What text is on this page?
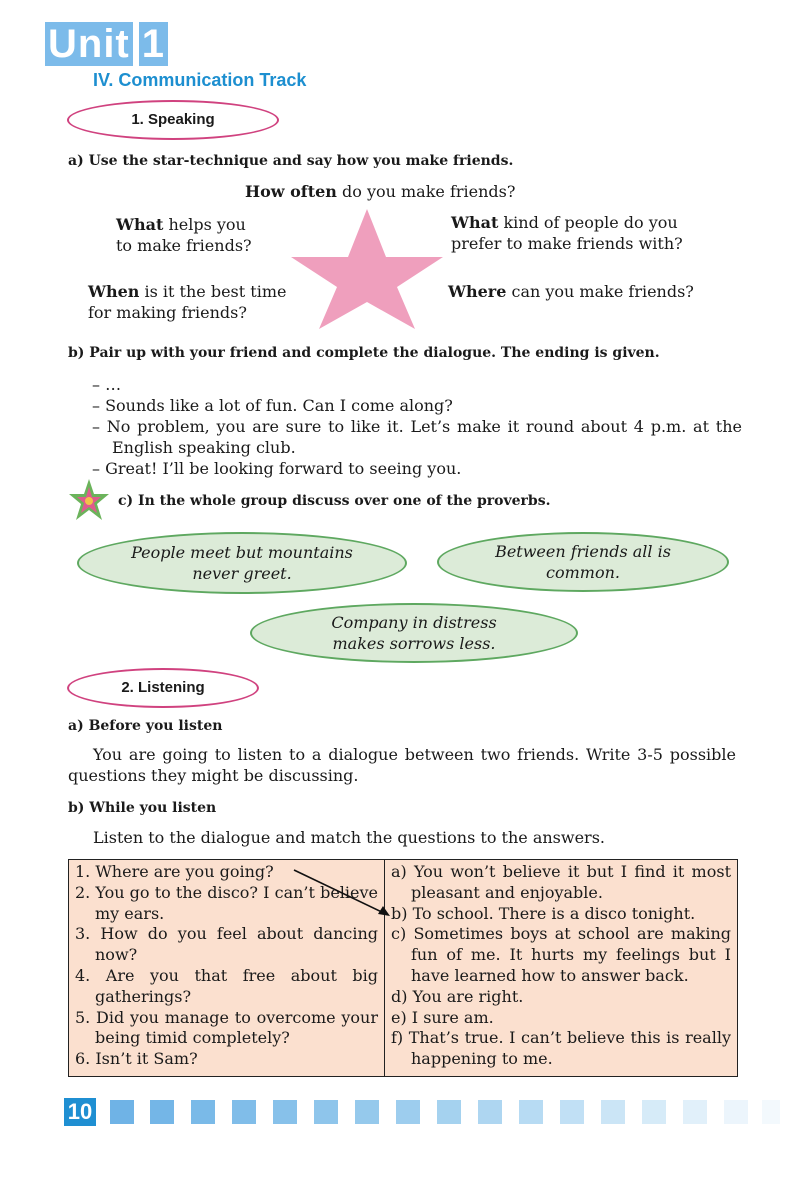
Unit 1
IV. Communication Track
1. Speaking
a) Use the star-technique and say how you make friends.
How often do you make friends?
What helps you
to make friends?
What kind of people do you
prefer to make friends with?
When is it the best time
for making friends?
Where can you make friends?
b) Pair up with your friend and complete the dialogue. The ending is given.
– …
– Sounds like a lot of fun. Can I come along?
– No problem, you are sure to like it. Let’s make it round about 4 p.m. at the English speaking club.
– Great! I’ll be looking forward to seeing you.
c) In the whole group discuss over one of the proverbs.
People meet but mountains
never greet.
Between friends all is
common.
Company in distress
makes sorrows less.
2. Listening
a) Before you listen
You are going to listen to a dialogue between two friends. Write 3-5 possible questions they might be discussing.
b) While you listen
Listen to the dialogue and match the questions to the answers.
1. Where are you going?
2. You go to the disco? I can’t believe my ears.
3. How do you feel about dancing now?
4. Are you that free about big gatherings?
5. Did you manage to overcome your being timid completely?
6. Isn’t it Sam?

a) You won’t believe it but I find it most pleasant and enjoyable.
b) To school. There is a disco tonight.
c) Sometimes boys at school are making fun of me. It hurts my feelings but I have learned how to answer back.
d) You are right.
e) I sure am.
f) That’s true. I can’t believe this is really happening to me.
10
